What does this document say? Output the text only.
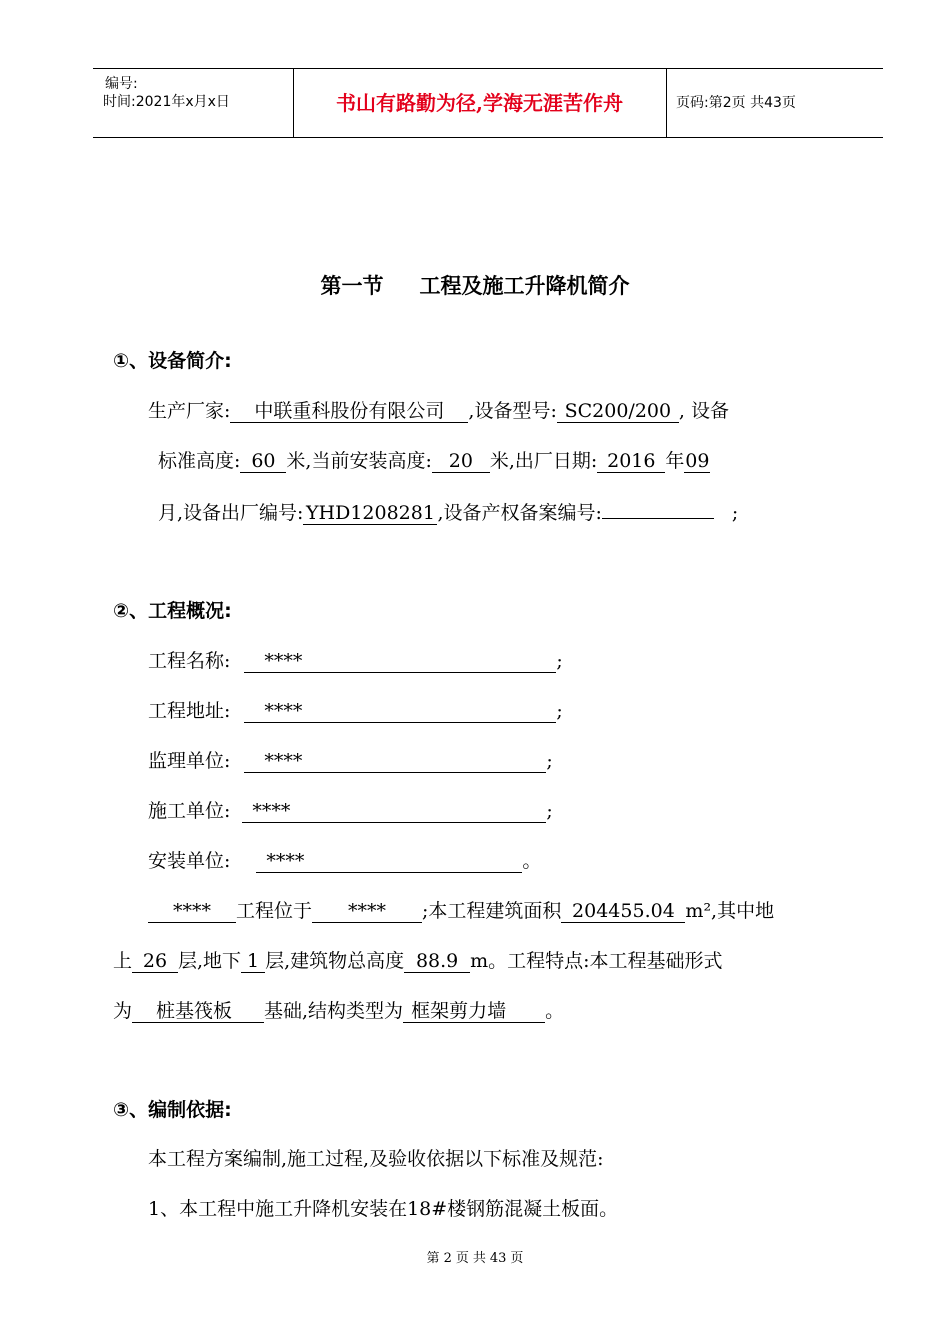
编号:
时间:2021年x月x日	书山有路勤为径,学海无涯苦作舟	页码:第2页 共43页
第一节 工程及施工升降机简介
①、设备简介:
生产厂家: 中联重科股份有限公司 ,设备型号: SC200/200 , 设备
标准高度: 60 米,当前安装高度: 20 米,出厂日期: 2016 年09
月,设备出厂编号: YHD1208281 ,设备产权备案编号:	;
②、工程概况:
工程名称: ****	;
工程地址: ****	;
监理单位: ****	;
施工单位: ****	;
安装单位: ****	。
**** 工程位于 **** ;本工程建筑面积 204455.04 m²,其中地
上 26 层,地下 1 层,建筑物总高度 88.9 m。工程特点:本工程基础形式
为 桩基筏板 基础,结构类型为 框架剪力墙 。
③、编制依据:
本工程方案编制,施工过程,及验收依据以下标准及规范:
1、本工程中施工升降机安装在18#楼钢筋混凝土板面。
第 2 页 共 43 页
